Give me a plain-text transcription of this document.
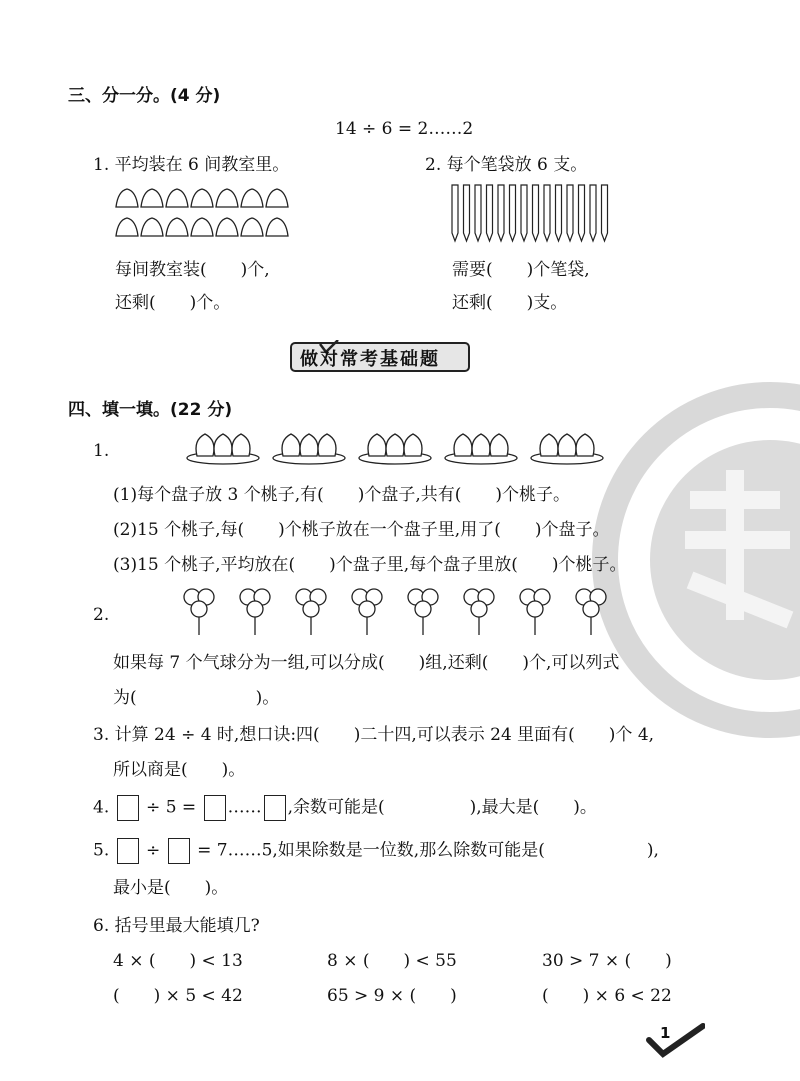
三、分一分。(4 分)
14 ÷ 6 = 2……2
1. 平均装在 6 间教室里。
每间教室装(　　)个,
还剩(　　)个。
2. 每个笔袋放 6 支。
需要(　　)个笔袋,
还剩(　　)支。
做对常考基础题
四、填一填。(22 分)
1.
(1)每个盘子放 3 个桃子,有(　　)个盘子,共有(　　)个桃子。
(2)15 个桃子,每(　　)个桃子放在一个盘子里,用了(　　)个盘子。
(3)15 个桃子,平均放在(　　)个盘子里,每个盘子里放(　　)个桃子。
2.
如果每 7 个气球分为一组,可以分成(　　)组,还剩(　　)个,可以列式
为(　　　　　　　)。
3. 计算 24 ÷ 4 时,想口诀:四(　　)二十四,可以表示 24 里面有(　　)个 4,
所以商是(　　)。
4. ÷ 5 = …… ,余数可能是(　　　　　),最大是(　　)。
5. ÷ = 7……5,如果除数是一位数,那么除数可能是(　　　　　　),
最小是(　　)。
6. 括号里最大能填几?
4 × (　　) < 13	8 × (　　) < 55	30 > 7 × (　　)
(　　) × 5 < 42	65 > 9 × (　　)	(　　) × 6 < 22
1
